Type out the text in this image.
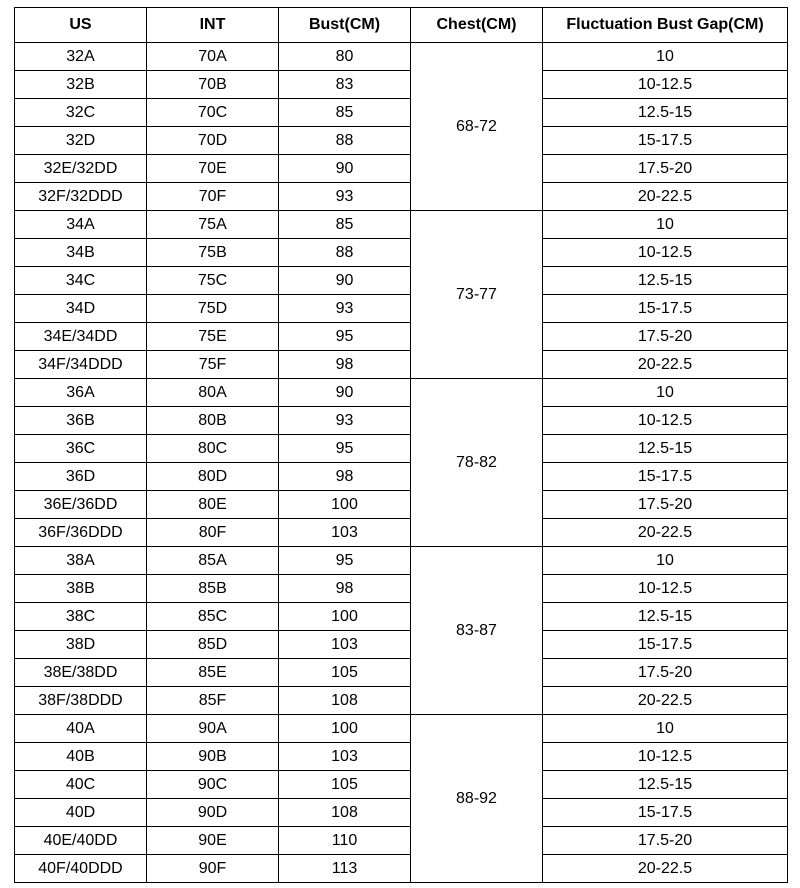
US	INT	Bust(CM)	Chest(CM)	Fluctuation Bust Gap(CM)
32A	70A	80	68-72	10
32B	70B	83		10-12.5
32C	70C	85		12.5-15
32D	70D	88		15-17.5
32E/32DD	70E	90		17.5-20
32F/32DDD	70F	93		20-22.5
34A	75A	85	73-77	10
34B	75B	88		10-12.5
34C	75C	90		12.5-15
34D	75D	93		15-17.5
34E/34DD	75E	95		17.5-20
34F/34DDD	75F	98		20-22.5
36A	80A	90	78-82	10
36B	80B	93		10-12.5
36C	80C	95		12.5-15
36D	80D	98		15-17.5
36E/36DD	80E	100		17.5-20
36F/36DDD	80F	103		20-22.5
38A	85A	95	83-87	10
38B	85B	98		10-12.5
38C	85C	100		12.5-15
38D	85D	103		15-17.5
38E/38DD	85E	105		17.5-20
38F/38DDD	85F	108		20-22.5
40A	90A	100	88-92	10
40B	90B	103		10-12.5
40C	90C	105		12.5-15
40D	90D	108		15-17.5
40E/40DD	90E	110		17.5-20
40F/40DDD	90F	113		20-22.5
